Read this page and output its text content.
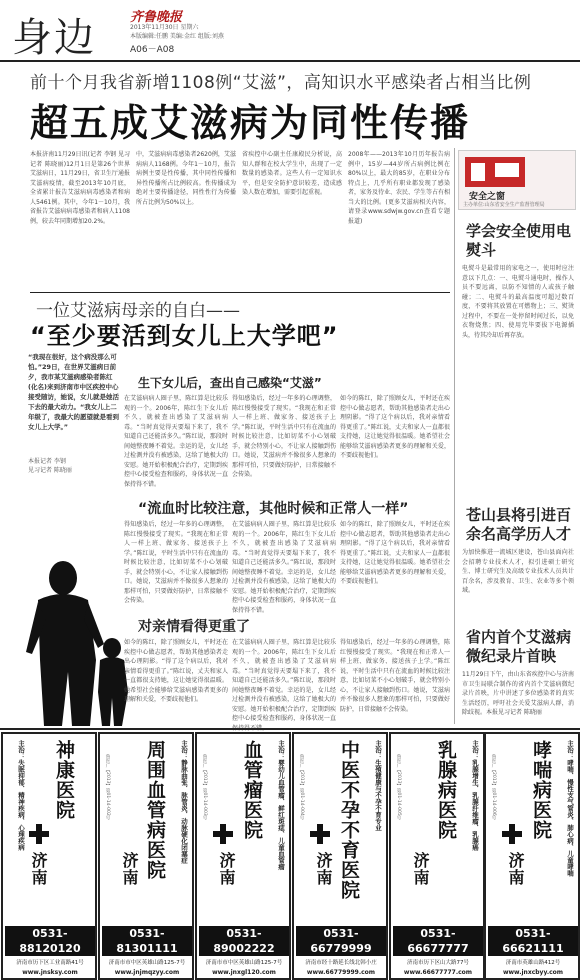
身边	齐鲁晚报
2013年11月30日 星期六
本版编辑:任鹏 美编:金红 组版:刘燕
A06－A08
前十个月我省新增1108例“艾滋”，高知识水平感染者占相当比例
超五成艾滋病为同性传播
本报济南11月29日讯(记者 李钢 见习记者 陈晓丽)12月1日是第26个世界艾滋病日，11月29日，省卫生厅通报艾滋病疫情，截至2013年10月底，全省累计报告艾滋病病毒感染者和病人5461例。其中，今年1－10月，我省报告艾滋病病毒感染者和病人1108例，较去年同期增加20.2%。
中，艾滋病病毒感染者2620例，艾滋病病人1168例。今年1－10月，报告病例主要是性传播，其中同性传播和异性传播所占比例较高。性传播成为绝对主要传播途径，同性性行为传播所占比例为50%以上。
省疾控中心副主任康殿民分析说，高知人群和在校大学生中，出现了一定数量的感染者。这些人有一定知识水平，但是安全防护意识较差，造成感染人数在增加，需要引起重视。
2008年——2013年10月历年报告病例中，15岁—44岁所占病例比例在80%以上，最大的85岁，在职业分布特点上，几乎所有职业都发现了感染者，家务及待业、农民、学生等占有相当大的比例。(更多艾滋病相关内容，请登录www.sdwjw.gov.cn查看专题报道)
安全之窗
主办单位:山东省安全生产监督管理局
学会安全使用电熨斗
电熨斗是最常用的家电之一，使用时应注意以下几点：一、电熨斗通电时，操作人员不要远离，以防不知情的人或孩子触碰；二、电熨斗的最高温度可超过数百度，不要将其放置在可燃物上；三、熨烫过程中，不要在一处停留时间过长，以免衣物烧焦；四、使用完毕要拔下电源插头，待其冷却后再存放。
苍山县将引进百余名高学历人才
为加快推进一流城区建设，苍山县面向社会招聘专业技术人才，拟引进硕士研究生、博士研究生及高级专业技术人员共计百余名，涉及教育、卫生、农业等多个领域。
省内首个艾滋病微纪录片首映
11月29日下午，由山东省疾控中心与济南市卫生局联合制作的省内首个艾滋病微纪录片首映，片中讲述了多位感染者的真实生活经历，呼吁社会关爱艾滋病人群，消除歧视。本报见习记者 陈晓丽
一位艾滋病母亲的自白——
“至少要活到女儿上大学吧”
“我现在很好，这个病没那么可怕。”29日，在世界艾滋病日前夕，我市某艾滋病感染者陈红(化名)来到济南市中区疾控中心接受随访，她说，女儿就是她活下去的最大动力。“我女儿上二年级了，我最大的愿望就是看到女儿上大学。”
本报记者 李钢
见习记者 陈晓丽
生下女儿后，查出自己感染“艾滋”
在艾滋病病人圈子里，陈红算是比较乐观的一个。2006年，陈红生下女儿后不久，就被查出感染了艾滋病病毒。“当时真觉得天要塌下来了，我不知道自己还能活多久。”陈红说，那段时间她整夜睡不着觉。幸运的是，女儿经过检测并没有被感染，这给了她极大的安慰。她开始积极配合治疗，定期到疾控中心接受检查和服药，身体状况一直保持得不错。
得知感染后，经过一年多的心理调整，陈红慢慢接受了现实。“我现在和正常人一样上班、做家务、接送孩子上学。”陈红说，平时生活中只有在流血的时候比较注意，比如切菜不小心划破手，就会特别小心，不让家人接触到伤口。她说，艾滋病并不像很多人想象的那样可怕，只要做好防护，日常接触不会传染。
如今的陈红，除了照顾女儿，平时还在疾控中心做志愿者，帮助其他感染者走出心理阴影。“得了这个病以后，我对亲情看得更重了。”陈红说，丈夫和家人一直都很支持她，这让她觉得很温暖。她希望社会能够给艾滋病感染者更多的理解和关爱，不要歧视他们。
“流血时比较注意，其他时候和正常人一样”
得知感染后，经过一年多的心理调整，陈红慢慢接受了现实。“我现在和正常人一样上班、做家务、接送孩子上学。”陈红说，平时生活中只有在流血的时候比较注意，比如切菜不小心划破手，就会特别小心，不让家人接触到伤口。她说，艾滋病并不像很多人想象的那样可怕，只要做好防护，日常接触不会传染。
在艾滋病病人圈子里，陈红算是比较乐观的一个。2006年，陈红生下女儿后不久，就被查出感染了艾滋病病毒。“当时真觉得天要塌下来了，我不知道自己还能活多久。”陈红说，那段时间她整夜睡不着觉。幸运的是，女儿经过检测并没有被感染，这给了她极大的安慰。她开始积极配合治疗，定期到疾控中心接受检查和服药，身体状况一直保持得不错。
如今的陈红，除了照顾女儿，平时还在疾控中心做志愿者，帮助其他感染者走出心理阴影。“得了这个病以后，我对亲情看得更重了。”陈红说，丈夫和家人一直都很支持她，这让她觉得很温暖。她希望社会能够给艾滋病感染者更多的理解和关爱，不要歧视他们。
对亲情看得更重了
如今的陈红，除了照顾女儿，平时还在疾控中心做志愿者，帮助其他感染者走出心理阴影。“得了这个病以后，我对亲情看得更重了。”陈红说，丈夫和家人一直都很支持她，这让她觉得很温暖。她希望社会能够给艾滋病感染者更多的理解和关爱，不要歧视他们。
在艾滋病病人圈子里，陈红算是比较乐观的一个。2006年，陈红生下女儿后不久，就被查出感染了艾滋病病毒。“当时真觉得天要塌下来了，我不知道自己还能活多久。”陈红说，那段时间她整夜睡不着觉。幸运的是，女儿经过检测并没有被感染，这给了她极大的安慰。她开始积极配合治疗，定期到疾控中心接受检查和服药，身体状况一直保持得不错。
得知感染后，经过一年多的心理调整，陈红慢慢接受了现实。“我现在和正常人一样上班、做家务、接送孩子上学。”陈红说，平时生活中只有在流血的时候比较注意，比如切菜不小心划破手，就会特别小心，不让家人接触到伤口。她说，艾滋病并不像很多人想象的那样可怕，只要做好防护，日常接触不会传染。
主治：失眠抑郁、精神疾病、心理疾病 神康医院
济南
0531-88120120
济南市历下区工业南路41号
www.jnsksy.com
主治：静脉曲张、脉管炎、动脉硬化闭塞症
周围血管病医院
济南
鲁医广【2013】第01-14-002号
0531-81301111
济南市市中区英雄山路125-7号
www.jnjmqzyy.com
主治：婴幼儿血管瘤、鲜红斑痣、儿童血管瘤
血管瘤医院
济南
鲁医广【2013】第01-14-003号
0531-89002222
济南市市中区英雄山路125-7号
www.jnxgl120.com
主治：生殖健康与不孕不育专业
中医不孕不育医院
济南
鲁医广【2013】第01-14-004号
0531-66779999
济南市经十路延长线北韩小庄
www.66779999.com
主治：乳腺增生、乳腺纤维瘤、乳腺癌
乳腺病医院
济南
鲁医广【2013】第01-14-005号
0531-66677777
济南市历下区山大路77号
www.66677777.com
主治：哮喘、慢性支气管炎、肺心病、儿童哮喘
哮喘病医院
济南
鲁医广【2013】第01-14-006号
0531-66621111
济南市英雄山路412号
www.jnxcbyy.com
